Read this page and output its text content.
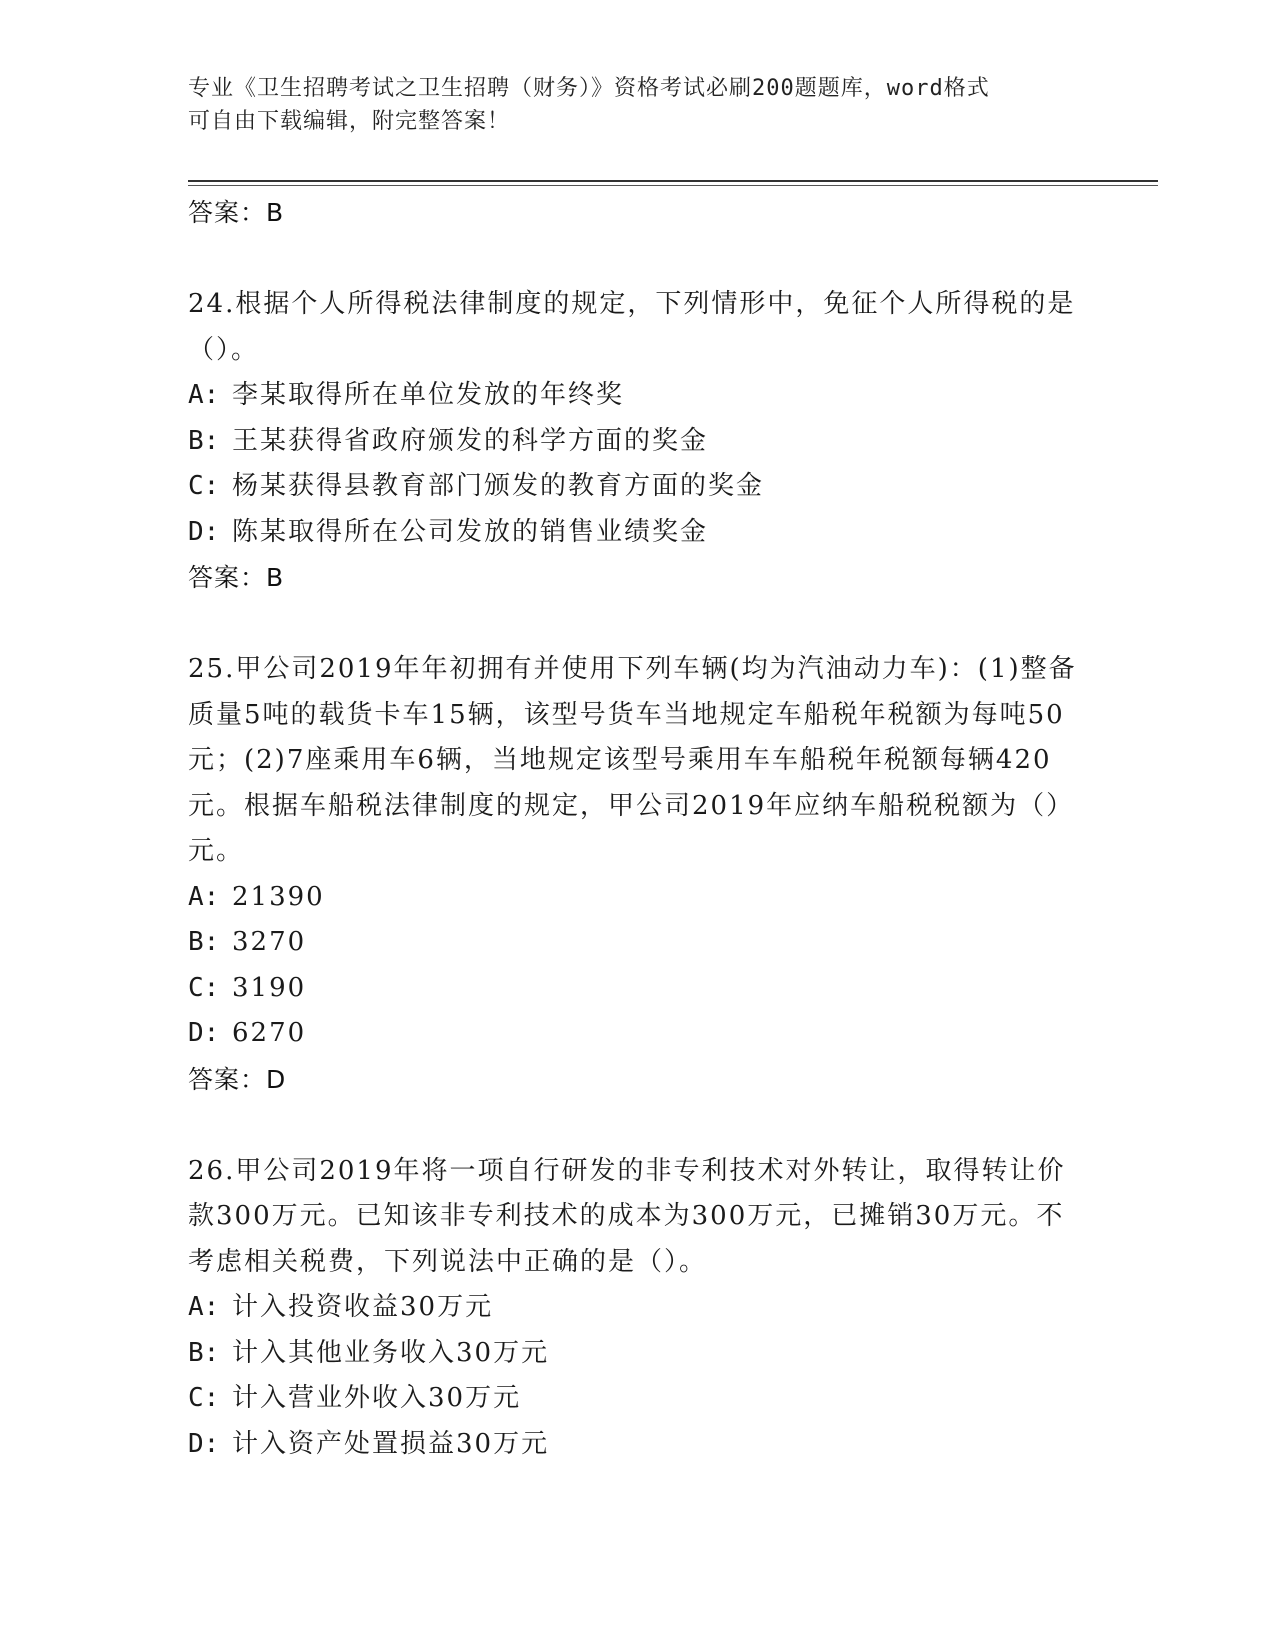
专业《卫生招聘考试之卫生招聘（财务）》资格考试必刷200题题库，word格式
可自由下载编辑，附完整答案！
答案：B

24.根据个人所得税法律制度的规定，下列情形中，免征个人所得税的是（）。

A: 李某取得所在单位发放的年终奖
B: 王某获得省政府颁发的科学方面的奖金
C: 杨某获得县教育部门颁发的教育方面的奖金
D: 陈某取得所在公司发放的销售业绩奖金
答案：B

25.甲公司2019年年初拥有并使用下列车辆(均为汽油动力车)：(1)整备质量5吨的载货卡车15辆，该型号货车当地规定车船税年税额为每吨50元；(2)7座乘用车6辆，当地规定该型号乘用车车船税年税额每辆420元。根据车船税法律制度的规定，甲公司2019年应纳车船税税额为（）元。

A: 21390
B: 3270
C: 3190
D: 6270
答案：D

26.甲公司2019年将一项自行研发的非专利技术对外转让，取得转让价款300万元。已知该非专利技术的成本为300万元，已摊销30万元。不考虑相关税费，下列说法中正确的是（）。

A: 计入投资收益30万元
B: 计入其他业务收入30万元
C: 计入营业外收入30万元
D: 计入资产处置损益30万元
